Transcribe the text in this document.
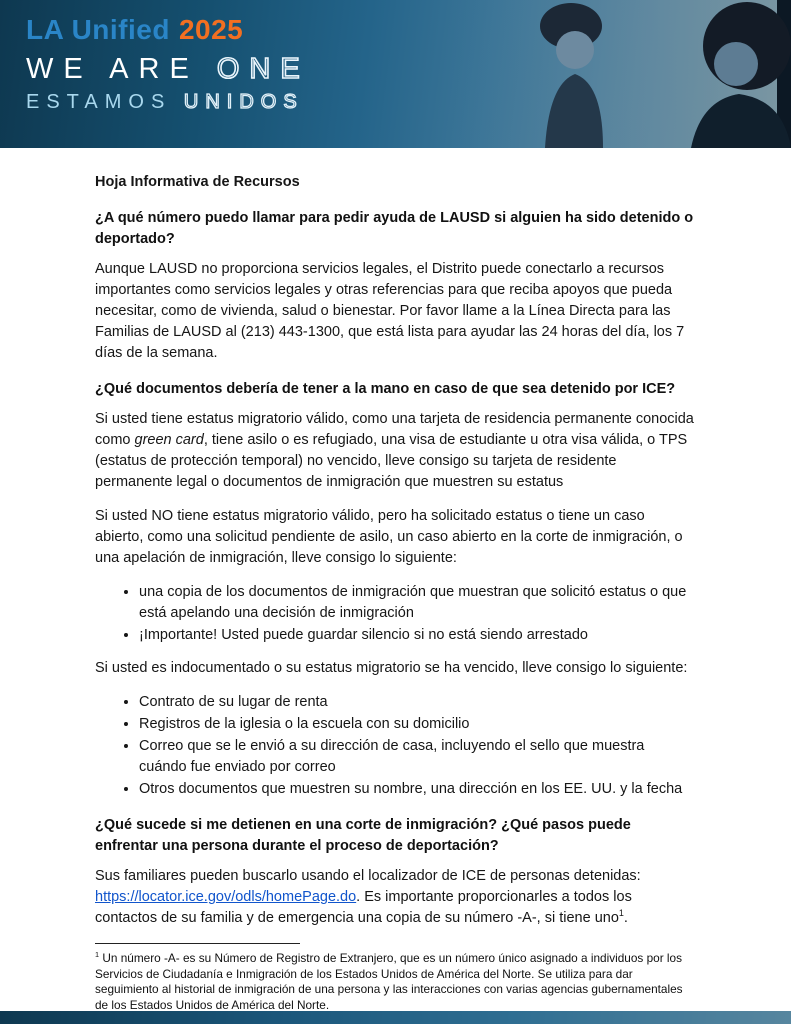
LA Unified 2025
WE ARE ONE
ESTAMOS UNIDOS
Hoja Informativa de Recursos
¿A qué número puedo llamar para pedir ayuda de LAUSD si alguien ha sido detenido o deportado?

Aunque LAUSD no proporciona servicios legales, el Distrito puede conectarlo a recursos importantes como servicios legales y otras referencias para que reciba apoyos que pueda necesitar, como de vivienda, salud o bienestar. Por favor llame a la Línea Directa para las Familias de LAUSD al (213) 443-1300, que está lista para ayudar las 24 horas del día, los 7 días de la semana.

¿Qué documentos debería de tener a la mano en caso de que sea detenido por ICE?

Si usted tiene estatus migratorio válido, como una tarjeta de residencia permanente conocida como green card, tiene asilo o es refugiado, una visa de estudiante u otra visa válida, o TPS (estatus de protección temporal) no vencido, lleve consigo su tarjeta de residente permanente legal o documentos de inmigración que muestren su estatus

Si usted NO tiene estatus migratorio válido, pero ha solicitado estatus o tiene un caso abierto, como una solicitud pendiente de asilo, un caso abierto en la corte de inmigración, o una apelación de inmigración, lleve consigo lo siguiente:

• una copia de los documentos de inmigración que muestran que solicitó estatus o que está apelando una decisión de inmigración
• ¡Importante! Usted puede guardar silencio si no está siendo arrestado

Si usted es indocumentado o su estatus migratorio se ha vencido, lleve consigo lo siguiente:

• Contrato de su lugar de renta
• Registros de la iglesia o la escuela con su domicilio
• Correo que se le envió a su dirección de casa, incluyendo el sello que muestra cuándo fue enviado por correo
• Otros documentos que muestren su nombre, una dirección en los EE. UU. y la fecha
¿Qué sucede si me detienen en una corte de inmigración? ¿Qué pasos puede enfrentar una persona durante el proceso de deportación?

Sus familiares pueden buscarlo usando el localizador de ICE de personas detenidas: https://locator.ice.gov/odls/homePage.do. Es importante proporcionarles a todos los contactos de su familia y de emergencia una copia de su número -A-, si tiene uno$^1$.

$^1$ Un número -A- es su Número de Registro de Extranjero, que es un número único asignado a individuos por los Servicios de Ciudadanía e Inmigración de los Estados Unidos de América del Norte. Se utiliza para dar seguimiento al historial de inmigración de una persona y las interacciones con varias agencias gubernamentales de los Estados Unidos de América del Norte.
